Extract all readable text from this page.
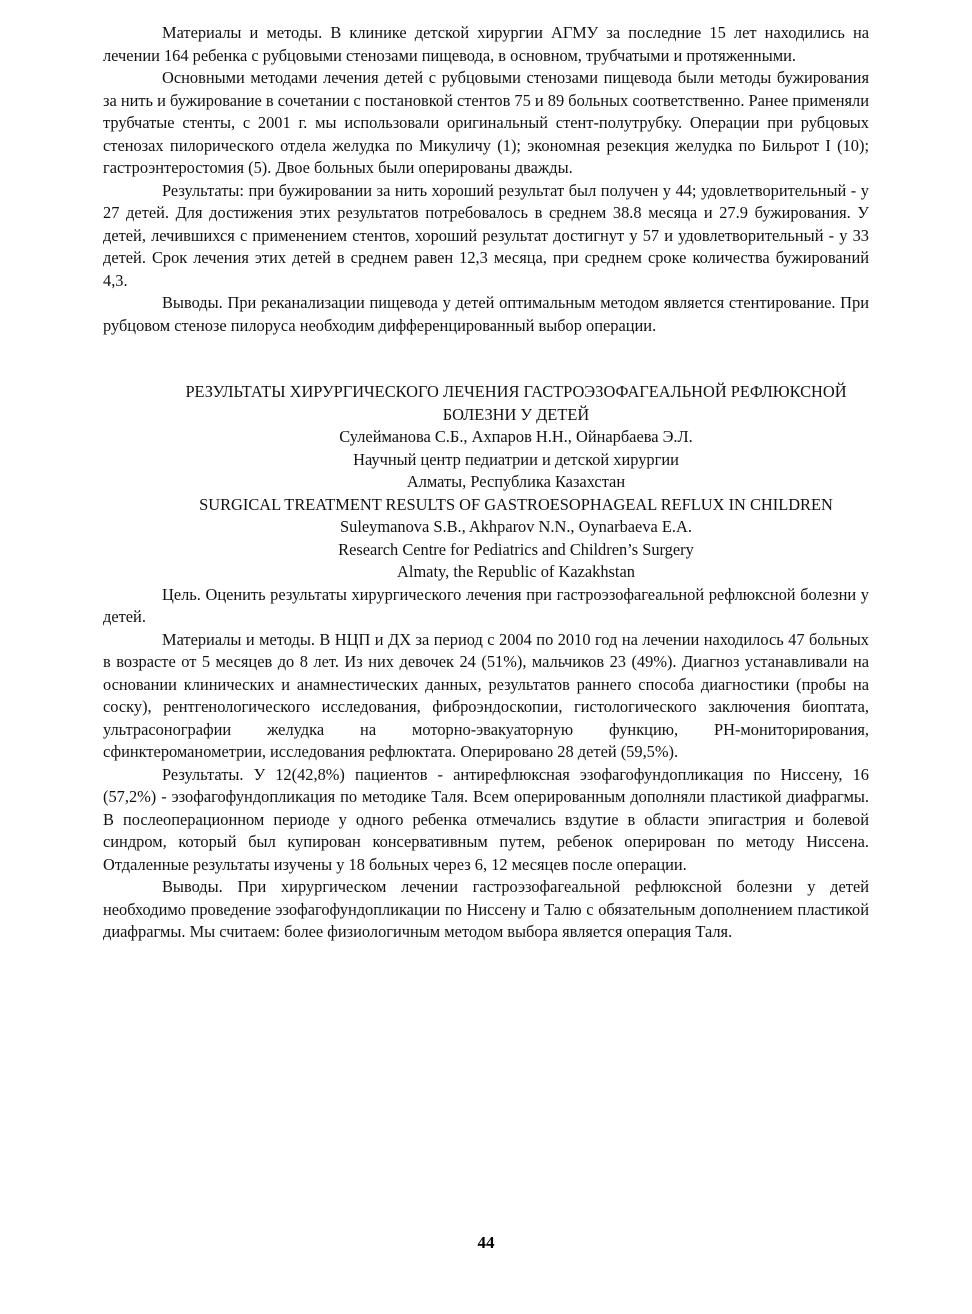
Материалы и методы. В клинике детской хирургии АГМУ за последние 15 лет находились на лечении 164 ребенка с рубцовыми стенозами пищевода, в основном, трубчатыми и протяженными.

Основными методами лечения детей с рубцовыми стенозами пищевода были методы бужирования за нить и бужирование в сочетании с постановкой стентов 75 и 89 больных соответственно. Ранее применяли трубчатые стенты, с 2001 г. мы использовали оригинальный стент-полутрубку. Операции при рубцовых стенозах пилорического отдела желудка по Микуличу (1); экономная резекция желудка по Бильрот I (10); гастроэнтеростомия (5). Двое больных были оперированы дважды.

Результаты: при бужировании за нить хороший результат был получен у 44; удовлетворительный - у 27 детей. Для достижения этих результатов потребовалось в среднем 38.8 месяца и 27.9 бужирования. У детей, лечившихся с применением стентов, хороший результат достигнут у 57 и удовлетворительный - у 33 детей. Срок лечения этих детей в среднем равен 12,3 месяца, при среднем сроке количества бужирований 4,3.

Выводы. При реканализации пищевода у детей оптимальным методом является стентирование. При рубцовом стенозе пилоруса необходим дифференцированный выбор операции.

РЕЗУЛЬТАТЫ ХИРУРГИЧЕСКОГО ЛЕЧЕНИЯ ГАСТРОЭЗОФАГЕАЛЬНОЙ РЕФЛЮКСНОЙ БОЛЕЗНИ У ДЕТЕЙ

Сулейманова С.Б., Ахпаров Н.Н., Ойнарбаева Э.Л.

Научный центр педиатрии и детской хирургии

Алматы, Республика Казахстан

SURGICAL TREATMENT RESULTS OF GASTROESOPHAGEAL REFLUX IN CHILDREN

Suleymanova S.B., Akhparov N.N., Oynarbaeva E.A.

Research Centre for Pediatrics and Children’s Surgery

Almaty, the Republic of Kazakhstan

Цель. Оценить результаты хирургического лечения при гастроэзофагеальной рефлюксной болезни у детей.

Материалы и методы. В НЦП и ДХ за период с 2004 по 2010 год на лечении находилось 47 больных в возрасте от 5 месяцев до 8 лет. Из них девочек 24 (51%), мальчиков 23 (49%). Диагноз устанавливали на основании клинических и анамнестических данных, результатов раннего способа диагностики (пробы на соску), рентгенологического исследования, фиброэндоскопии, гистологического заключения биоптата, ультрасонографии желудка на моторно-эвакуаторную функцию, РН-мониторирования, сфинктероманометрии, исследования рефлюктата. Оперировано 28 детей (59,5%).

Результаты. У 12(42,8%) пациентов - антирефлюксная эзофагофундопликация по Ниссену, 16 (57,2%) - эзофагофундопликация по методике Таля. Всем оперированным дополняли пластикой диафрагмы. В послеоперационном периоде у одного ребенка отмечались вздутие в области эпигастрия и болевой синдром, который был купирован консервативным путем, ребенок оперирован по методу Ниссена. Отдаленные результаты изучены у 18 больных через 6, 12 месяцев после операции.

Выводы. При хирургическом лечении гастроэзофагеальной рефлюксной болезни у детей необходимо проведение эзофагофундопликации по Ниссену и Талю с обязательным дополнением пластикой диафрагмы. Мы считаем: более физиологичным методом выбора является операция Таля.

44
